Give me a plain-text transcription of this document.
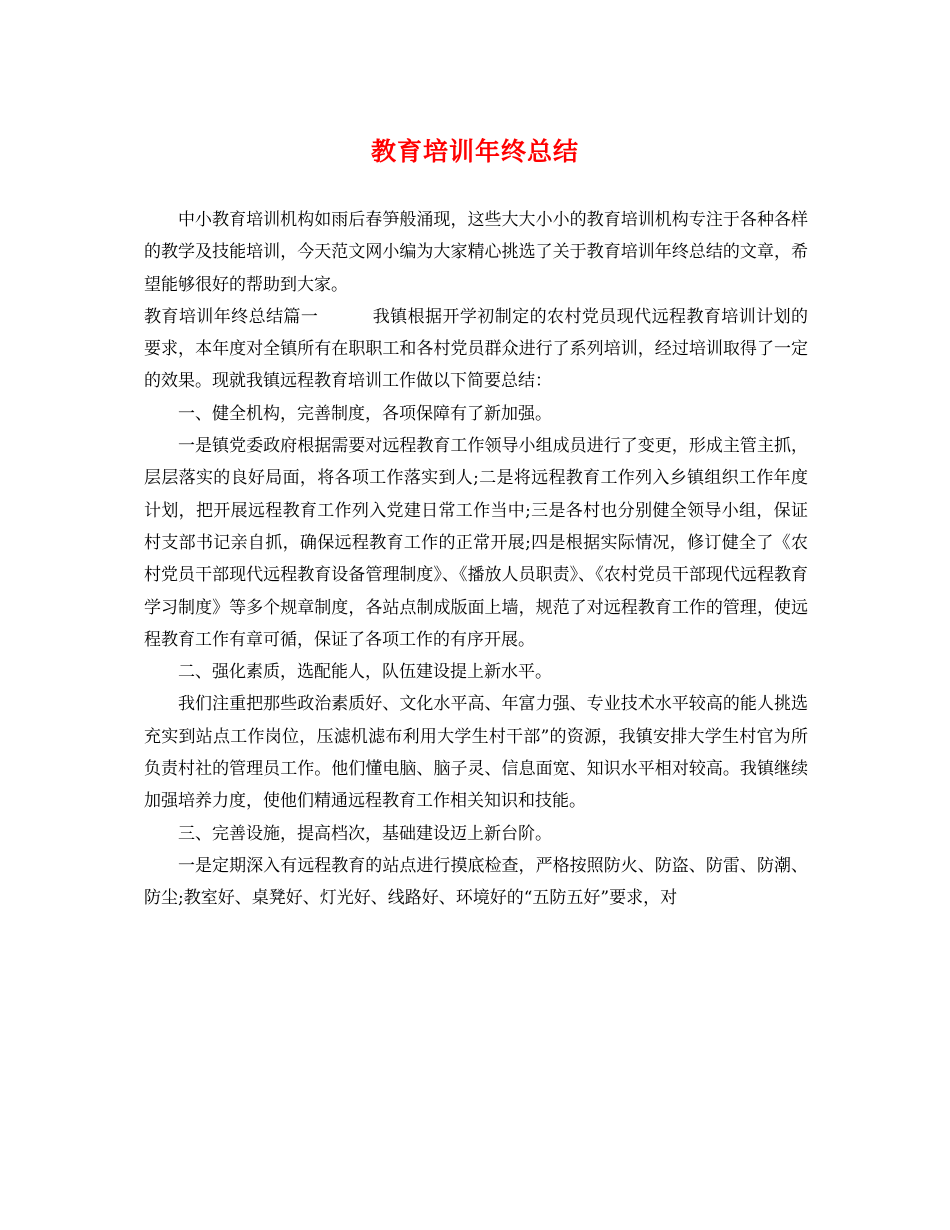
教育培训年终总结

中小教育培训机构如雨后春笋般涌现，这些大大小小的教育培训机构专注于各种各样的教学及技能培训，今天范文网小编为大家精心挑选了关于教育培训年终总结的文章，希望能够很好的帮助到大家。

教育培训年终总结篇一	我镇根据开学初制定的农村党员现代远程教育培训计划的要求，本年度对全镇所有在职职工和各村党员群众进行了系列培训，经过培训取得了一定的效果。现就我镇远程教育培训工作做以下简要总结：

一、健全机构，完善制度，各项保障有了新加强。

一是镇党委政府根据需要对远程教育工作领导小组成员进行了变更，形成主管主抓，层层落实的良好局面，将各项工作落实到人;二是将远程教育工作列入乡镇组织工作年度计划，把开展远程教育工作列入党建日常工作当中;三是各村也分别健全领导小组，保证村支部书记亲自抓，确保远程教育工作的正常开展;四是根据实际情况，修订健全了《农村党员干部现代远程教育设备管理制度》、《播放人员职责》、《农村党员干部现代远程教育学习制度》等多个规章制度，各站点制成版面上墙，规范了对远程教育工作的管理，使远程教育工作有章可循，保证了各项工作的有序开展。

二、强化素质，选配能人，队伍建设提上新水平。

我们注重把那些政治素质好、文化水平高、年富力强、专业技术水平较高的能人挑选充实到站点工作岗位，压滤机滤布利用大学生村干部”的资源，我镇安排大学生村官为所负责村社的管理员工作。他们懂电脑、脑子灵、信息面宽、知识水平相对较高。我镇继续加强培养力度，使他们精通远程教育工作相关知识和技能。

三、完善设施，提高档次，基础建设迈上新台阶。

一是定期深入有远程教育的站点进行摸底检查，严格按照防火、防盗、防雷、防潮、防尘;教室好、桌凳好、灯光好、线路好、环境好的“五防五好”要求，对
